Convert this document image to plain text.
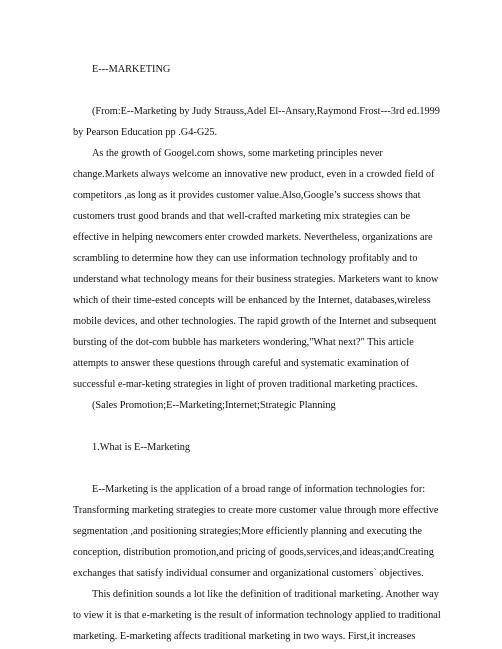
E---MARKETING

(From:E--Marketing by Judy Strauss,Adel El--Ansary,Raymond Frost---3rd ed.1999
by Pearson Education pp .G4-G25.

As the growth of Googel.com shows, some marketing principles never
change.Markets always welcome an innovative new product, even in a crowded field of
competitors ,as long as it provides customer value.Also,Google’s success shows that
customers trust good brands and that well-crafted marketing mix strategies can be
effective in helping newcomers enter crowded markets. Nevertheless, organizations are
scrambling to determine how they can use information technology profitably and to
understand what technology means for their business strategies. Marketers want to know
which of their time-ested concepts will be enhanced by the Internet, databases,wireless
mobile devices, and other technologies. The rapid growth of the Internet and subsequent
bursting of the dot-com bubble has marketers wondering,"What next?" This article
attempts to answer these questions through careful and systematic examination of
successful e-mar-keting strategies in light of proven traditional marketing practices.

(Sales Promotion;E--Marketing;Internet;Strategic Planning

1.What is E--Marketing

E--Marketing is the application of a broad range of information technologies for:
Transforming marketing strategies to create more customer value through more effective
segmentation ,and positioning strategies;More efficiently planning and executing the
conception, distribution promotion,and pricing of goods,services,and ideas;andCreating
exchanges that satisfy individual consumer and organizational customers` objectives.

This definition sounds a lot like the definition of traditional marketing. Another way
to view it is that e-marketing is the result of information technology applied to traditional
marketing. E-marketing affects traditional marketing in two ways. First,it increases
